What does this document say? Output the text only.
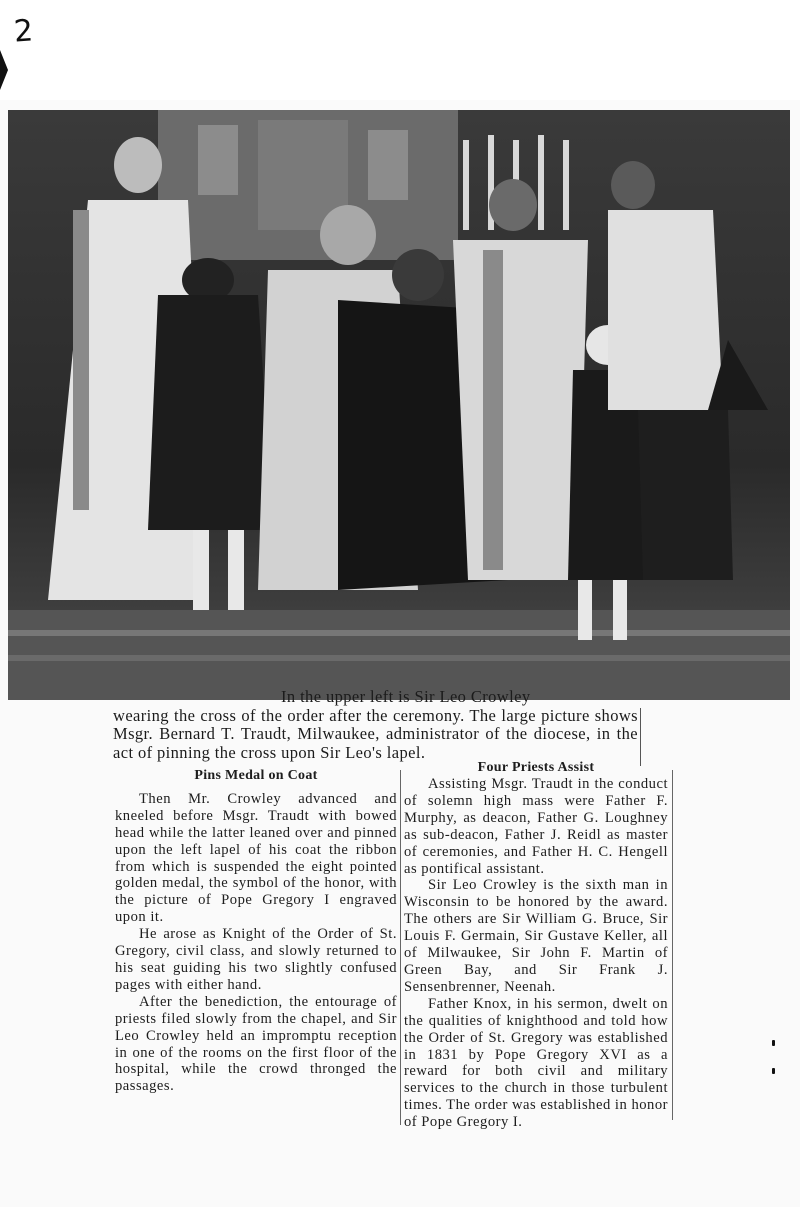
2
In the upper left is Sir Leo Crowley
wearing the cross of the order after the ceremony. The large picture shows Msgr. Bernard T. Traudt, Milwaukee, administrator of the diocese, in the act of pinning the cross upon Sir Leo's lapel.
Pins Medal on Coat

Then Mr. Crowley advanced and kneeled before Msgr. Traudt with bowed head while the latter leaned over and pinned upon the left lapel of his coat the ribbon from which is suspended the eight pointed golden medal, the symbol of the honor, with the picture of Pope Gregory I engraved upon it.

He arose as Knight of the Order of St. Gregory, civil class, and slowly returned to his seat guiding his two slightly confused pages with either hand.

After the benediction, the entourage of priests filed slowly from the chapel, and Sir Leo Crowley held an impromptu reception in one of the rooms on the first floor of the hospital, while the crowd thronged the passages.

Four Priests Assist

Assisting Msgr. Traudt in the conduct of solemn high mass were Father F. Murphy, as deacon, Father G. Loughney as sub-deacon, Father J. Reidl as master of ceremonies, and Father H. C. Hengell as pontifical assistant.

Sir Leo Crowley is the sixth man in Wisconsin to be honored by the award. The others are Sir William G. Bruce, Sir Louis F. Germain, Sir Gustave Keller, all of Milwaukee, Sir John F. Martin of Green Bay, and Sir Frank J. Sensenbrenner, Neenah.

Father Knox, in his sermon, dwelt on the qualities of knighthood and told how the Order of St. Gregory was established in 1831 by Pope Gregory XVI as a reward for both civil and military services to the church in those turbulent times. The order was established in honor of Pope Gregory I.
